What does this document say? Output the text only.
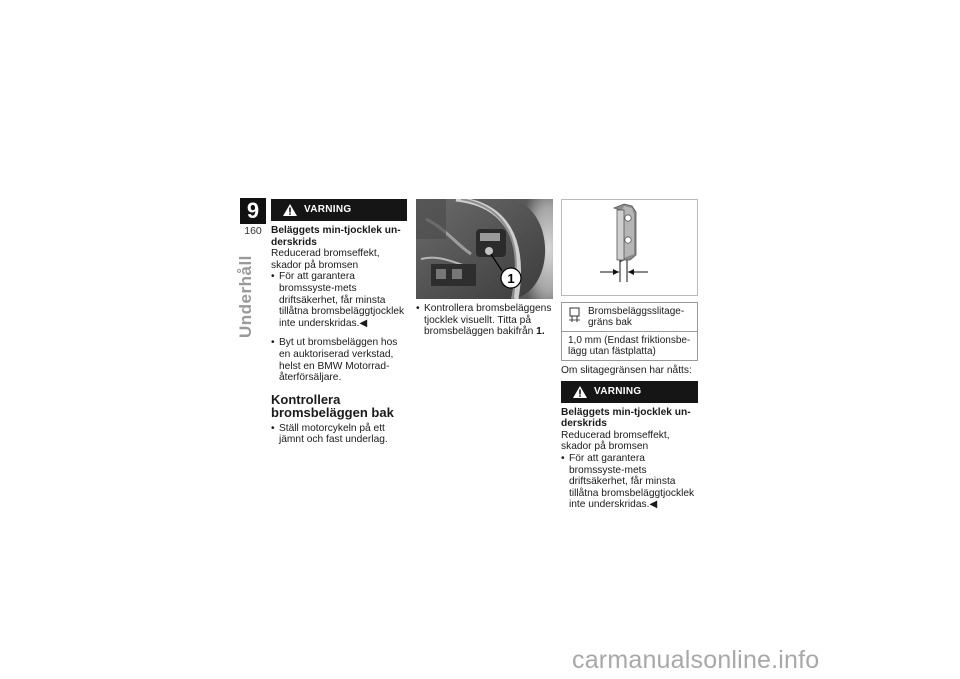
9
160
Underhåll
VARNING
Beläggets min-tjocklek un-derskrids
Reducerad bromseffekt, skador på bromsen
• För att garantera bromssyste-mets driftsäkerhet, får minsta tillåtna bromsbeläggtjocklek inte underskridas.◀
• Byt ut bromsbeläggen hos en auktoriserad verkstad, helst en BMW Motorrad-återförsäljare.
Kontrollera bromsbeläggen bak
• Ställ motorcykeln på ett jämnt och fast underlag.
1
• Kontrollera bromsbeläggens tjocklek visuellt. Titta på bromsbeläggen bakifrån 1.
Bromsbeläggsslitage-gräns bak
1,0 mm (Endast friktionsbe-lägg utan fästplatta)
Om slitagegränsen har nåtts:
VARNING
Beläggets min-tjocklek un-derskrids
Reducerad bromseffekt, skador på bromsen
• För att garantera bromssyste-mets driftsäkerhet, får minsta tillåtna bromsbeläggtjocklek inte underskridas.◀
carmanualsonline.info
